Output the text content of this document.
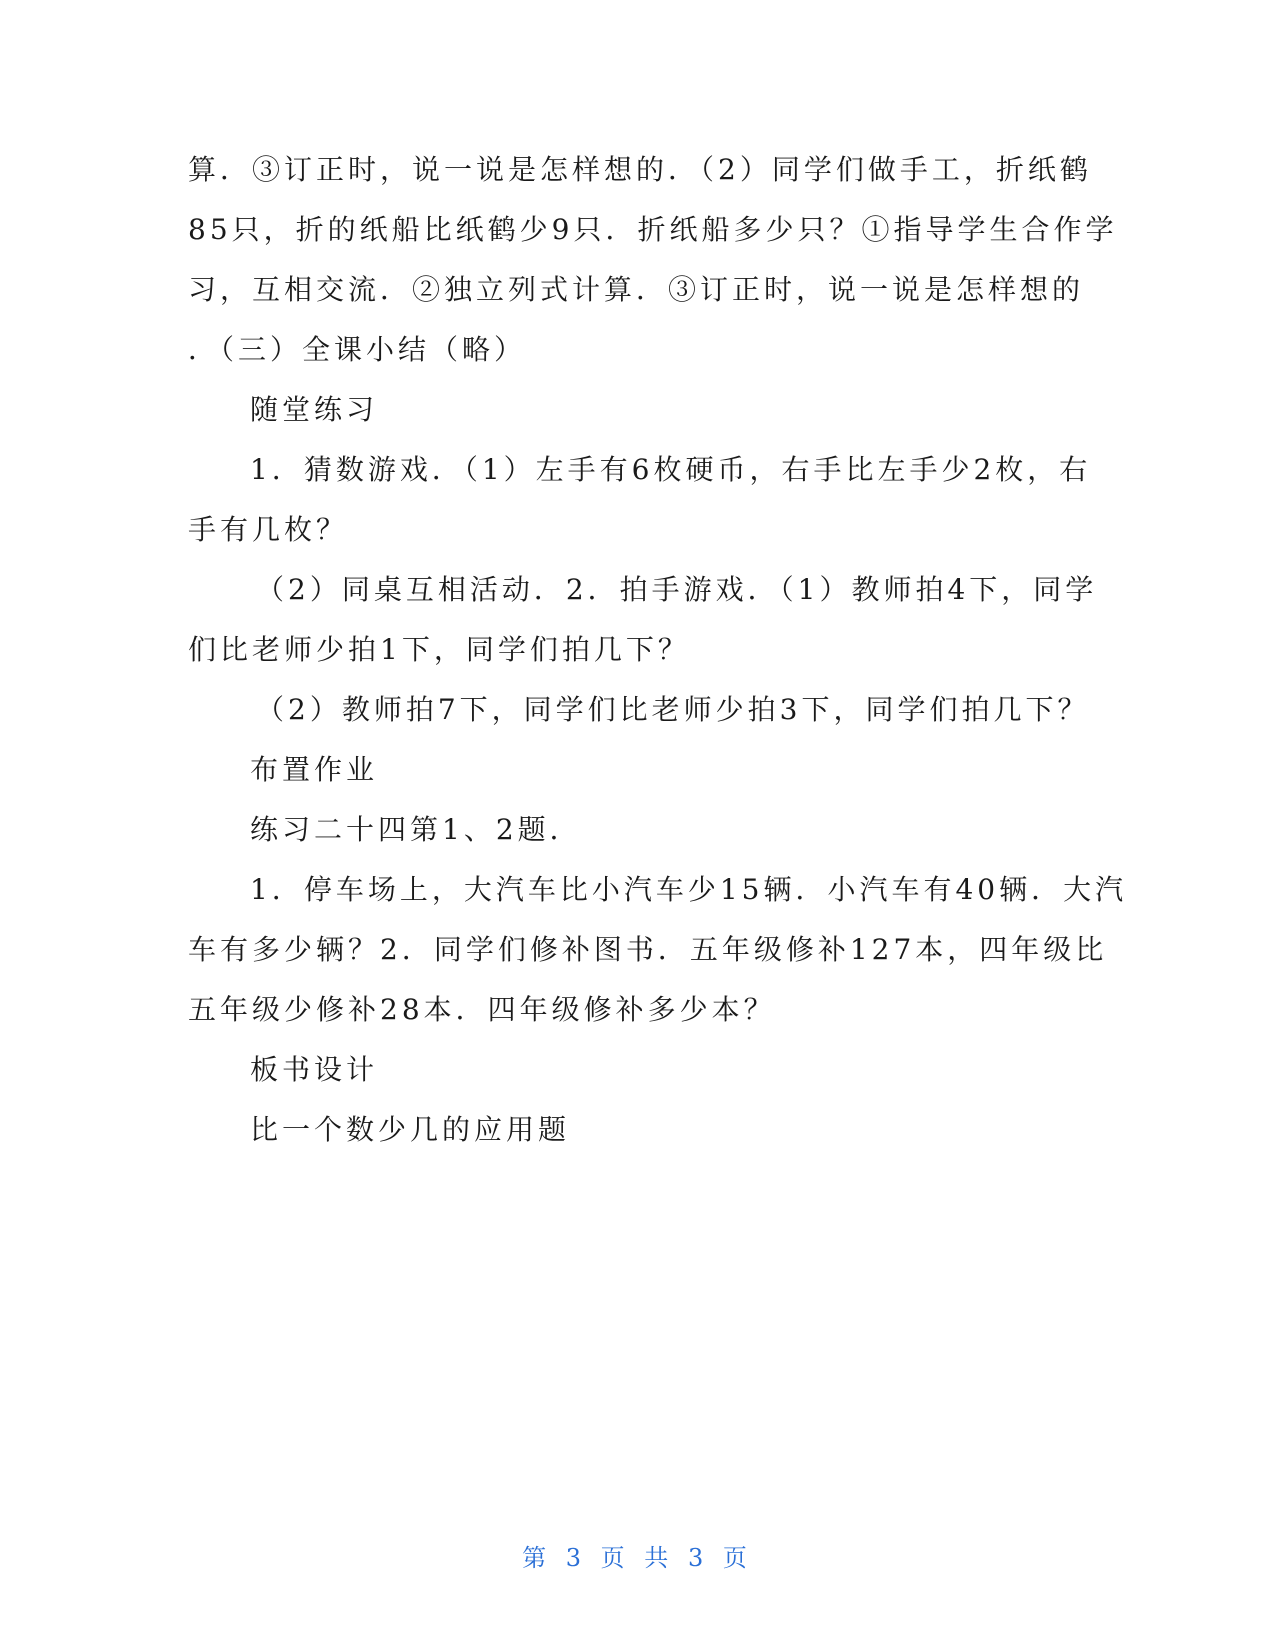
算．③订正时，说一说是怎样想的．（2）同学们做手工，折纸鹤
85只，折的纸船比纸鹤少9只．折纸船多少只？①指导学生合作学
习，互相交流．②独立列式计算．③订正时，说一说是怎样想的
．（三）全课小结（略）
随堂练习
1．猜数游戏．（1）左手有6枚硬币，右手比左手少2枚，右
手有几枚？
（2）同桌互相活动．2．拍手游戏．（1）教师拍4下，同学
们比老师少拍1下，同学们拍几下？
（2）教师拍7下，同学们比老师少拍3下，同学们拍几下？
布置作业
练习二十四第1、2题．
1．停车场上，大汽车比小汽车少15辆．小汽车有40辆．大汽
车有多少辆？2．同学们修补图书．五年级修补127本，四年级比
五年级少修补28本．四年级修补多少本？
板书设计
比一个数少几的应用题
第 3 页 共 3 页
